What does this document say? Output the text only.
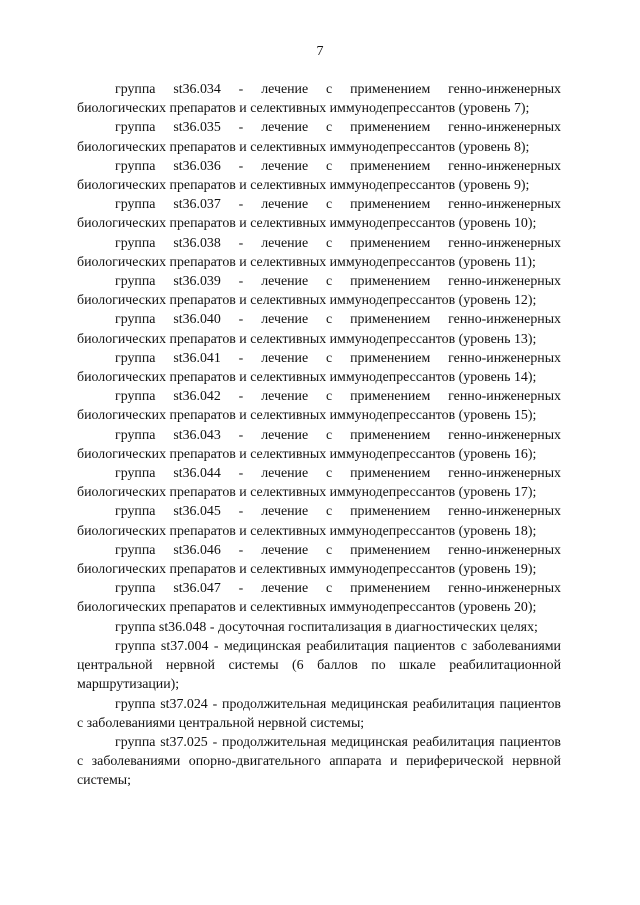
7

группа st36.034 - лечение с применением генно-инженерных биологических препаратов и селективных иммунодепрессантов (уровень 7);

группа st36.035 - лечение с применением генно-инженерных биологических препаратов и селективных иммунодепрессантов (уровень 8);

группа st36.036 - лечение с применением генно-инженерных биологических препаратов и селективных иммунодепрессантов (уровень 9);

группа st36.037 - лечение с применением генно-инженерных биологических препаратов и селективных иммунодепрессантов (уровень 10);

группа st36.038 - лечение с применением генно-инженерных биологических препаратов и селективных иммунодепрессантов (уровень 11);

группа st36.039 - лечение с применением генно-инженерных биологических препаратов и селективных иммунодепрессантов (уровень 12);

группа st36.040 - лечение с применением генно-инженерных биологических препаратов и селективных иммунодепрессантов (уровень 13);

группа st36.041 - лечение с применением генно-инженерных биологических препаратов и селективных иммунодепрессантов (уровень 14);

группа st36.042 - лечение с применением генно-инженерных биологических препаратов и селективных иммунодепрессантов (уровень 15);

группа st36.043 - лечение с применением генно-инженерных биологических препаратов и селективных иммунодепрессантов (уровень 16);

группа st36.044 - лечение с применением генно-инженерных биологических препаратов и селективных иммунодепрессантов (уровень 17);

группа st36.045 - лечение с применением генно-инженерных биологических препаратов и селективных иммунодепрессантов (уровень 18);

группа st36.046 - лечение с применением генно-инженерных биологических препаратов и селективных иммунодепрессантов (уровень 19);

группа st36.047 - лечение с применением генно-инженерных биологических препаратов и селективных иммунодепрессантов (уровень 20);

группа st36.048 - досуточная госпитализация в диагностических целях;

группа st37.004 - медицинская реабилитация пациентов с заболеваниями центральной нервной системы (6 баллов по шкале реабилитационной маршрутизации);

группа st37.024 - продолжительная медицинская реабилитация пациентов с заболеваниями центральной нервной системы;

группа st37.025 - продолжительная медицинская реабилитация пациентов с заболеваниями опорно-двигательного аппарата и периферической нервной системы;
